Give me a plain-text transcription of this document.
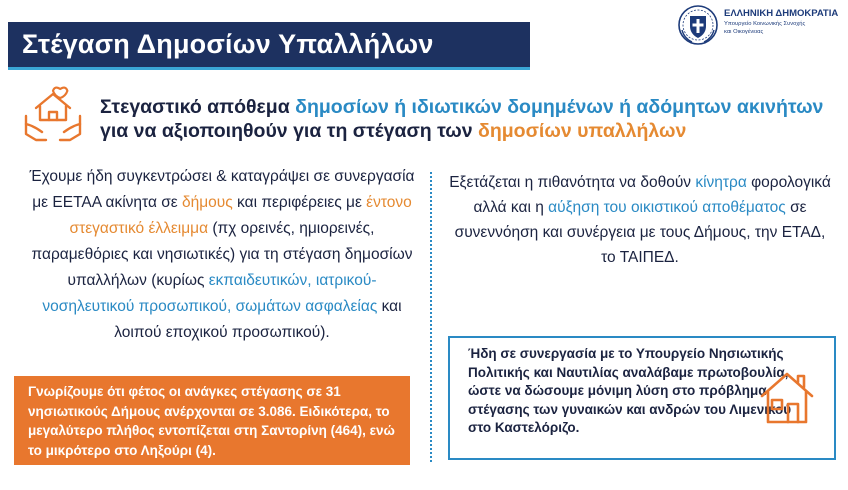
Στέγαση Δημοσίων Υπαλλήλων
ΕΛΛΗΝΙΚΗ ΔΗΜΟΚΡΑΤΙΑ
Υπουργείο Κοινωνικής Συνοχής
και Οικογένειας
Στεγαστικό απόθεμα δημοσίων ή ιδιωτικών δομημένων ή αδόμητων ακινήτων
για να αξιοποιηθούν για τη στέγαση των δημοσίων υπαλλήλων
Έχουμε ήδη συγκεντρώσει & καταγράψει σε συνεργασία με ΕΕΤΑΑ ακίνητα σε δήμους και περιφέρειες με έντονο στεγαστικό έλλειμμα (πχ ορεινές, ημιορεινές, παραμεθόριες και νησιωτικές) για τη στέγαση δημοσίων υπαλλήλων (κυρίως εκπαιδευτικών, ιατρικού-νοσηλευτικού προσωπικού, σωμάτων ασφαλείας και λοιπού εποχικού προσωπικού).
Εξετάζεται η πιθανότητα να δοθούν κίνητρα φορολογικά αλλά και η αύξηση του οικιστικού αποθέματος σε συνεννόηση και συνέργεια με τους Δήμους, την ΕΤΑΔ, το ΤΑΙΠΕΔ.
Γνωρίζουμε ότι φέτος οι ανάγκες στέγασης σε 31 νησιωτικούς Δήμους ανέρχονται σε 3.086. Ειδικότερα, το μεγαλύτερο πλήθος εντοπίζεται στη Σαντορίνη (464), ενώ το μικρότερο στο Ληξούρι (4).
Ήδη σε συνεργασία με το Υπουργείο Νησιωτικής Πολιτικής και Ναυτιλίας αναλάβαμε πρωτοβουλία, ώστε να δώσουμε μόνιμη λύση στο πρόβλημα στέγασης των γυναικών και ανδρών του Λιμενικού στο Καστελόριζο.
